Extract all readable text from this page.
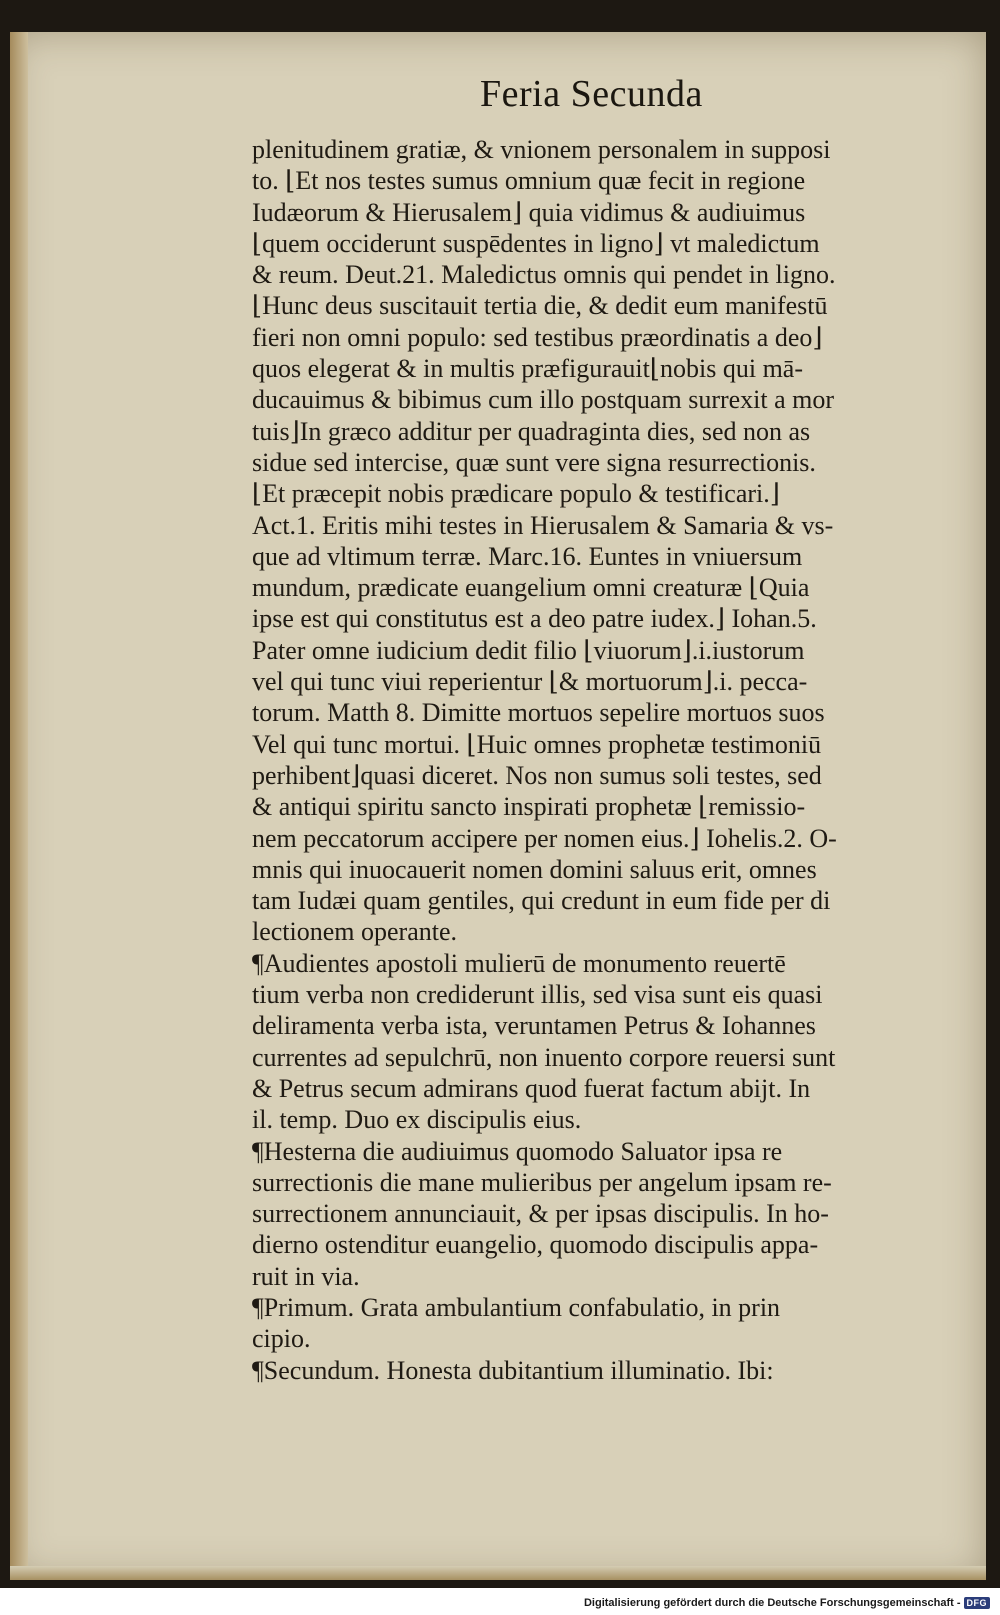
Feria Secunda
plenitudinem gratiæ, & vnionem personalem in supposi
to. ⌊Et nos testes sumus omnium quæ fecit in regione
Iudæorum & Hierusalem⌋ quia vidimus & audiuimus
⌊quem occiderunt suspēdentes in ligno⌋ vt maledictum
& reum. Deut.21. Maledictus omnis qui pendet in ligno.
⌊Hunc deus suscitauit tertia die, & dedit eum manifestū
fieri non omni populo: sed testibus præordinatis a deo⌋
quos elegerat & in multis præfigurauit⌊nobis qui mā-
ducauimus & bibimus cum illo postquam surrexit a mor
tuis⌋In græco additur per quadraginta dies, sed non as
sidue sed intercise, quæ sunt vere signa resurrectionis.
⌊Et præcepit nobis prædicare populo & testificari.⌋
Act.1. Eritis mihi testes in Hierusalem & Samaria & vs-
que ad vltimum terræ. Marc.16. Euntes in vniuersum
mundum, prædicate euangelium omni creaturæ ⌊Quia
ipse est qui constitutus est a deo patre iudex.⌋ Iohan.5.
Pater omne iudicium dedit filio ⌊viuorum⌋.i.iustorum
vel qui tunc viui reperientur ⌊& mortuorum⌋.i. pecca-
torum. Matth 8. Dimitte mortuos sepelire mortuos suos
Vel qui tunc mortui. ⌊Huic omnes prophetæ testimoniū
perhibent⌋quasi diceret. Nos non sumus soli testes, sed
& antiqui spiritu sancto inspirati prophetæ ⌊remissio-
nem peccatorum accipere per nomen eius.⌋ Iohelis.2. O-
mnis qui inuocauerit nomen domini saluus erit, omnes
tam Iudæi quam gentiles, qui credunt in eum fide per di
lectionem operante.
¶Audientes apostoli mulierū de monumento reuertē
tium verba non crediderunt illis, sed visa sunt eis quasi
deliramenta verba ista, veruntamen Petrus & Iohannes
currentes ad sepulchrū, non inuento corpore reuersi sunt
& Petrus secum admirans quod fuerat factum abijt. In
il. temp. Duo ex discipulis eius.
¶Hesterna die audiuimus quomodo Saluator ipsa re
surrectionis die mane mulieribus per angelum ipsam re-
surrectionem annunciauit, & per ipsas discipulis. In ho-
dierno ostenditur euangelio, quomodo discipulis appa-
ruit in via.
¶Primum. Grata ambulantium confabulatio, in prin
cipio.
¶Secundum. Honesta dubitantium illuminatio. Ibi:
Digitalisierung gefördert durch die Deutsche Forschungsgemeinschaft - DFG
